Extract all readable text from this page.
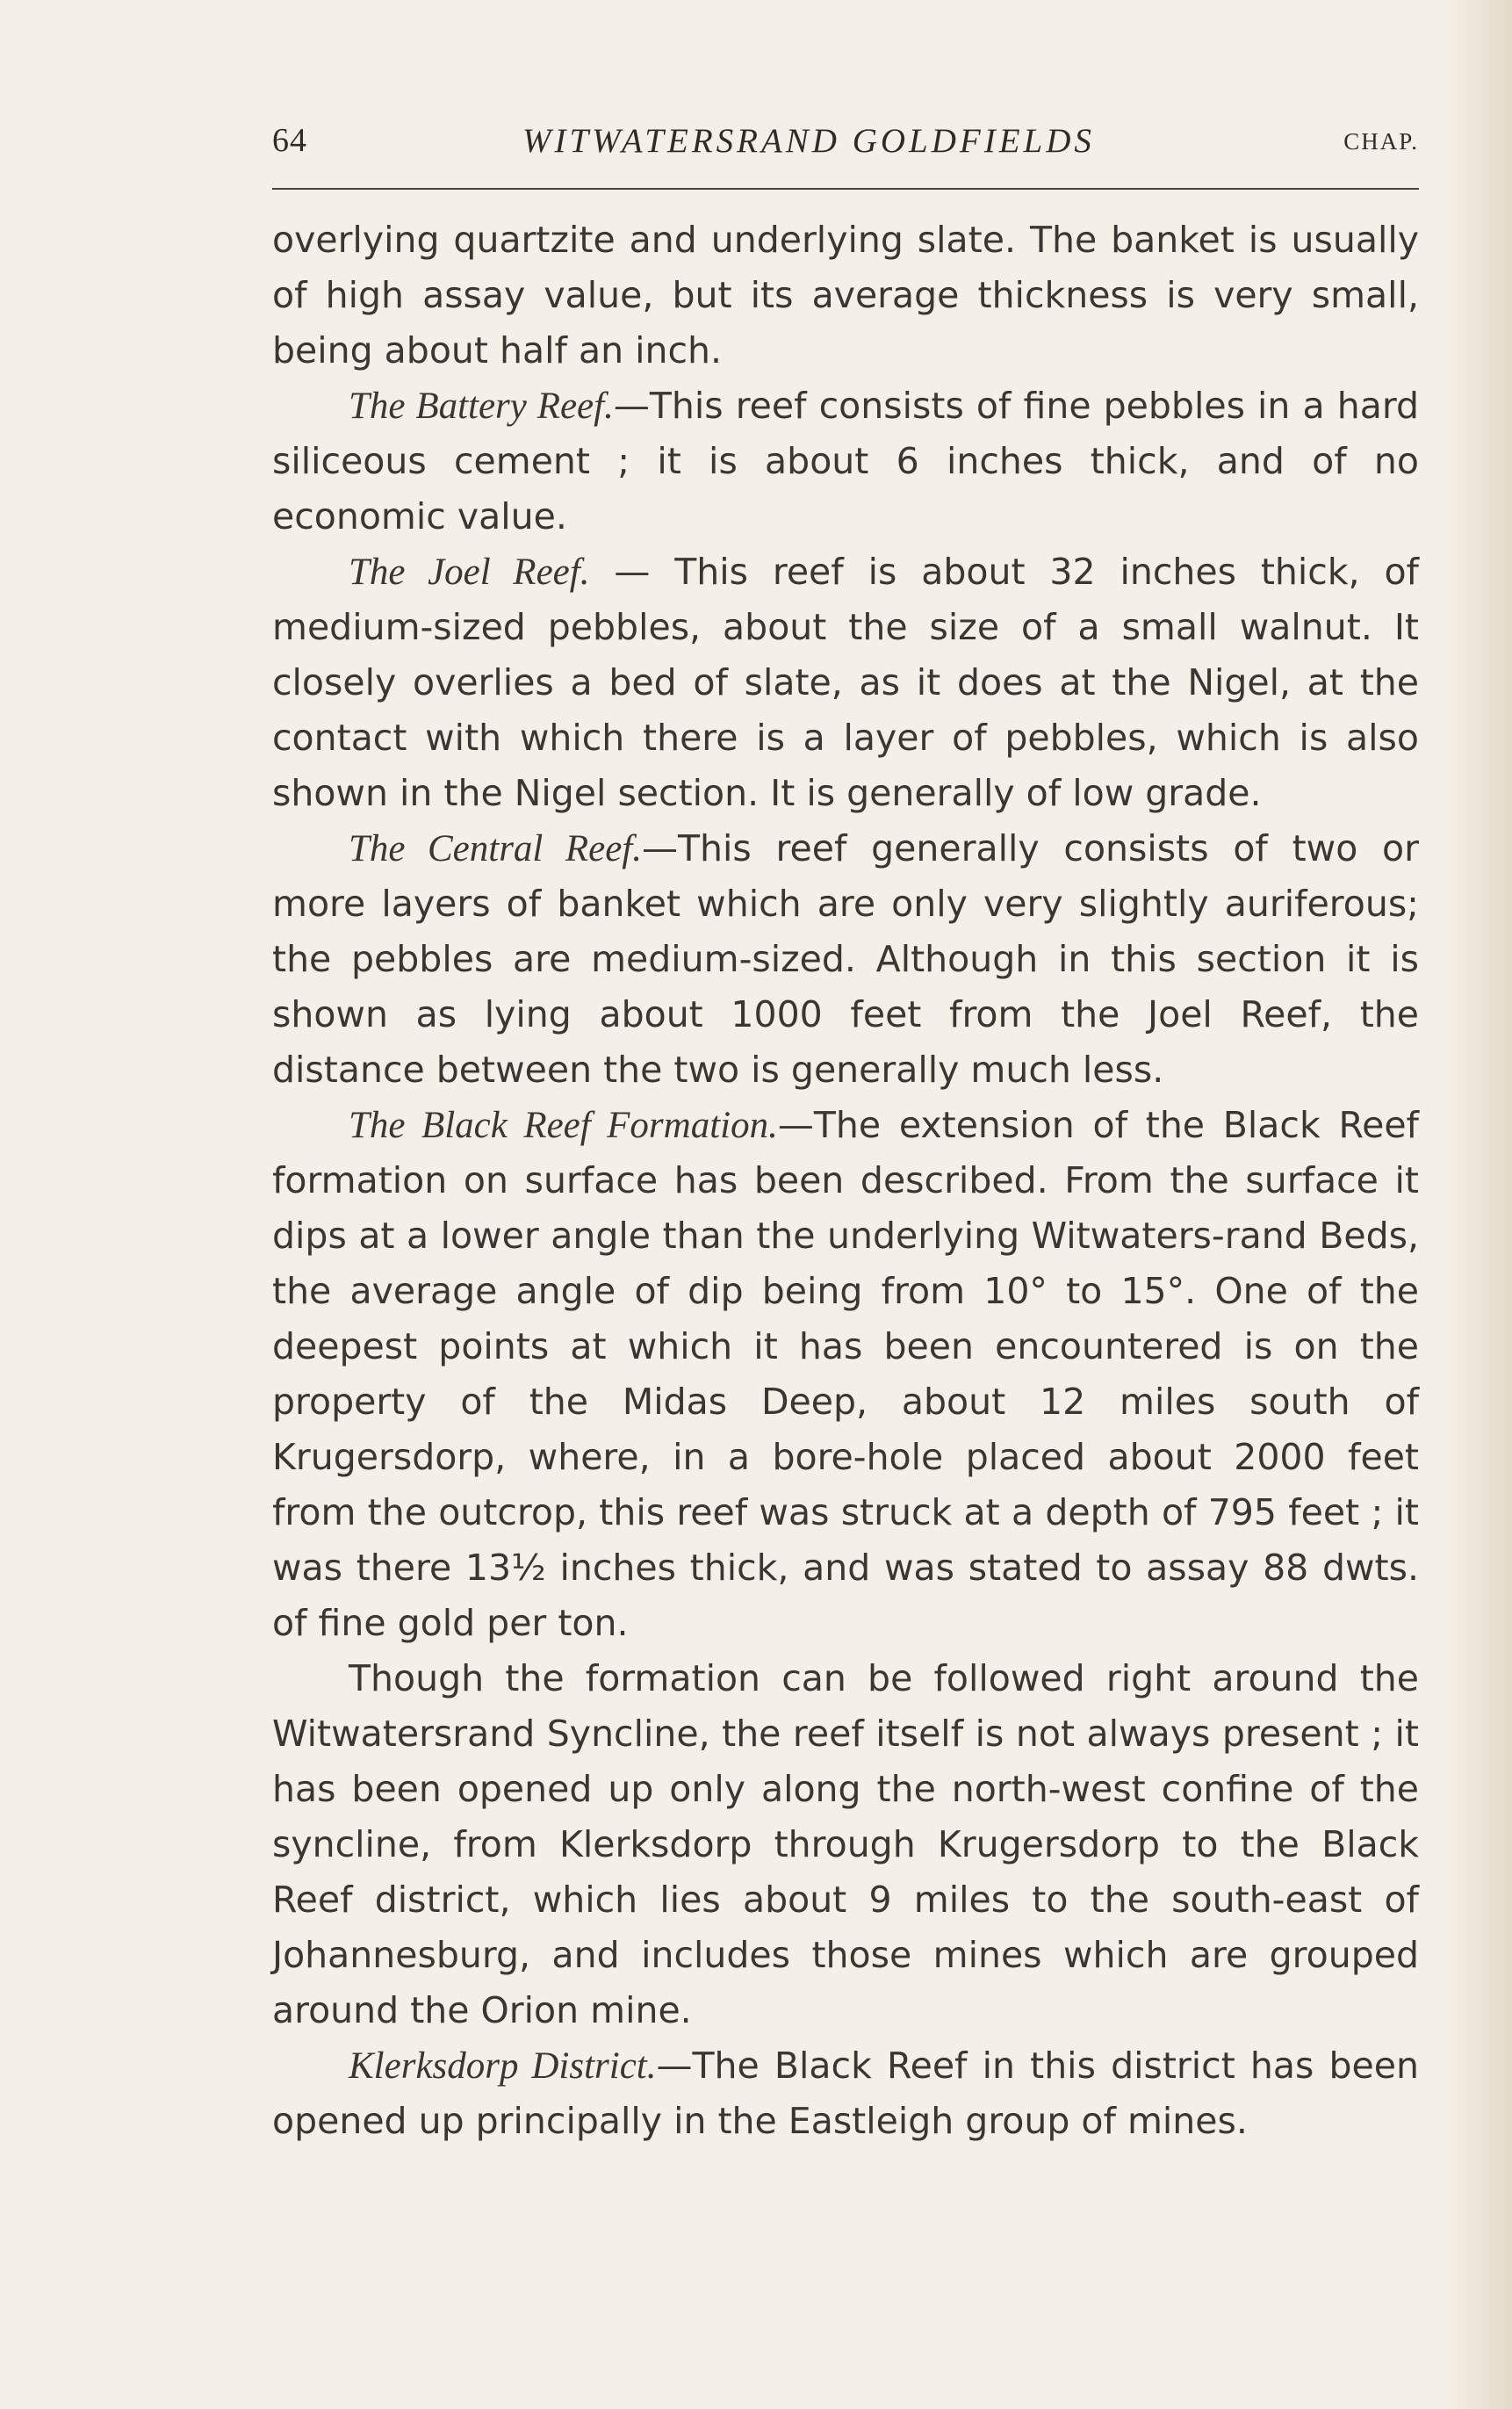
64	WITWATERSRAND GOLDFIELDS	CHAP.

overlying quartzite and underlying slate. The banket is usually of high assay value, but its average thickness is very small, being about half an inch.

The Battery Reef.—This reef consists of fine pebbles in a hard siliceous cement ; it is about 6 inches thick, and of no economic value.

The Joel Reef. — This reef is about 32 inches thick, of medium-sized pebbles, about the size of a small walnut. It closely overlies a bed of slate, as it does at the Nigel, at the contact with which there is a layer of pebbles, which is also shown in the Nigel section. It is generally of low grade.

The Central Reef.—This reef generally consists of two or more layers of banket which are only very slightly auriferous; the pebbles are medium-sized. Although in this section it is shown as lying about 1000 feet from the Joel Reef, the distance between the two is generally much less.

The Black Reef Formation.—The extension of the Black Reef formation on surface has been described. From the surface it dips at a lower angle than the underlying Witwaters-rand Beds, the average angle of dip being from 10° to 15°. One of the deepest points at which it has been encountered is on the property of the Midas Deep, about 12 miles south of Krugersdorp, where, in a bore-hole placed about 2000 feet from the outcrop, this reef was struck at a depth of 795 feet ; it was there 13½ inches thick, and was stated to assay 88 dwts. of fine gold per ton.

Though the formation can be followed right around the Witwatersrand Syncline, the reef itself is not always present ; it has been opened up only along the north-west confine of the syncline, from Klerksdorp through Krugersdorp to the Black Reef district, which lies about 9 miles to the south-east of Johannesburg, and includes those mines which are grouped around the Orion mine.

Klerksdorp District.—The Black Reef in this district has been opened up principally in the Eastleigh group of mines.
